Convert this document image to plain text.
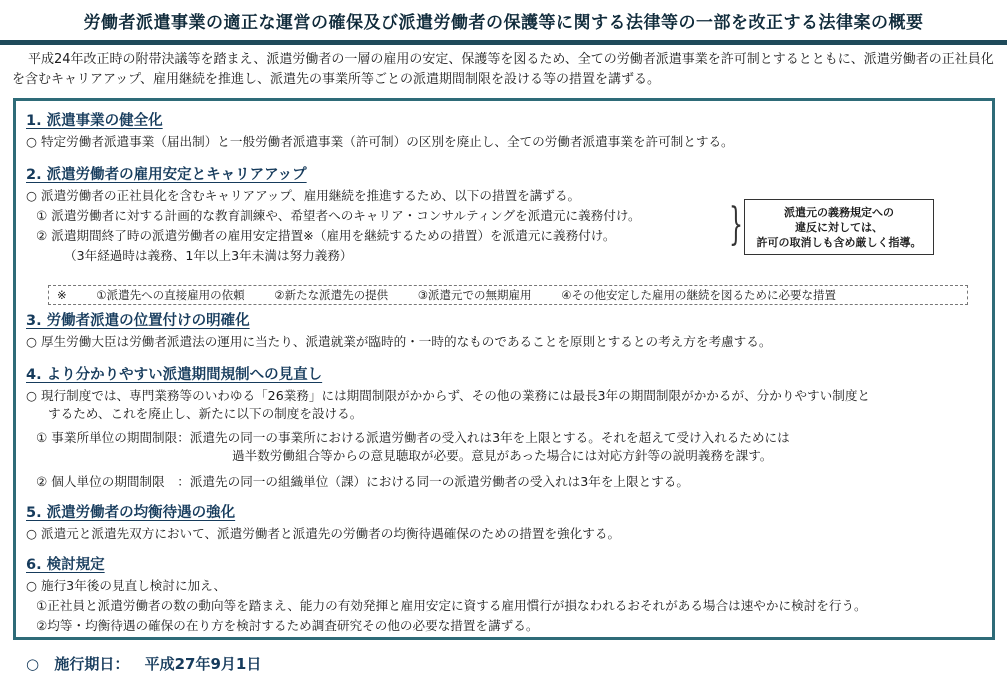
労働者派遣事業の適正な運営の確保及び派遣労働者の保護等に関する法律等の一部を改正する法律案の概要
平成24年改正時の附帯決議等を踏まえ、派遣労働者の一層の雇用の安定、保護等を図るため、全ての労働者派遣事業を許可制とするとともに、派遣労働者の正社員化を含むキャリアアップ、雇用継続を推進し、派遣先の事業所等ごとの派遣期間制限を設ける等の措置を講ずる。
1. 派遣事業の健全化
○ 特定労働者派遣事業（届出制）と一般労働者派遣事業（許可制）の区別を廃止し、全ての労働者派遣事業を許可制とする。
2. 派遣労働者の雇用安定とキャリアアップ
○ 派遣労働者の正社員化を含むキャリアアップ、雇用継続を推進するため、以下の措置を講ずる。
① 派遣労働者に対する計画的な教育訓練や、希望者へのキャリア・コンサルティングを派遣元に義務付け。
② 派遣期間終了時の派遣労働者の雇用安定措置※（雇用を継続するための措置）を派遣元に義務付け。
（3年経過時は義務、1年以上3年未満は努力義務）
}	派遣元の義務規定への
違反に対しては、
許可の取消しも含め厳しく指導。
※	①派遣先への直接雇用の依頼	②新たな派遣先の提供	③派遣元での無期雇用	④その他安定した雇用の継続を図るために必要な措置
3. 労働者派遣の位置付けの明確化
○ 厚生労働大臣は労働者派遣法の運用に当たり、派遣就業が臨時的・一時的なものであることを原則とするとの考え方を考慮する。
4. より分かりやすい派遣期間規制への見直し
○ 現行制度では、専門業務等のいわゆる「26業務」には期間制限がかからず、その他の業務には最長3年の期間制限がかかるが、分かりやすい制度と
するため、これを廃止し、新たに以下の制度を設ける。
① 事業所単位の期間制限：派遣先の同一の事業所における派遣労働者の受入れは3年を上限とする。それを超えて受け入れるためには
過半数労働組合等からの意見聴取が必要。意見があった場合には対応方針等の説明義務を課す。
② 個人単位の期間制限　：派遣先の同一の組織単位（課）における同一の派遣労働者の受入れは3年を上限とする。
5. 派遣労働者の均衡待遇の強化
○ 派遣元と派遣先双方において、派遣労働者と派遣先の労働者の均衡待遇確保のための措置を強化する。
6. 検討規定
○ 施行3年後の見直し検討に加え、
①正社員と派遣労働者の数の動向等を踏まえ、能力の有効発揮と雇用安定に資する雇用慣行が損なわれるおそれがある場合は速やかに検討を行う。
②均等・均衡待遇の確保の在り方を検討するため調査研究その他の必要な措置を講ずる。
○ 施行期日： 平成27年9月1日
